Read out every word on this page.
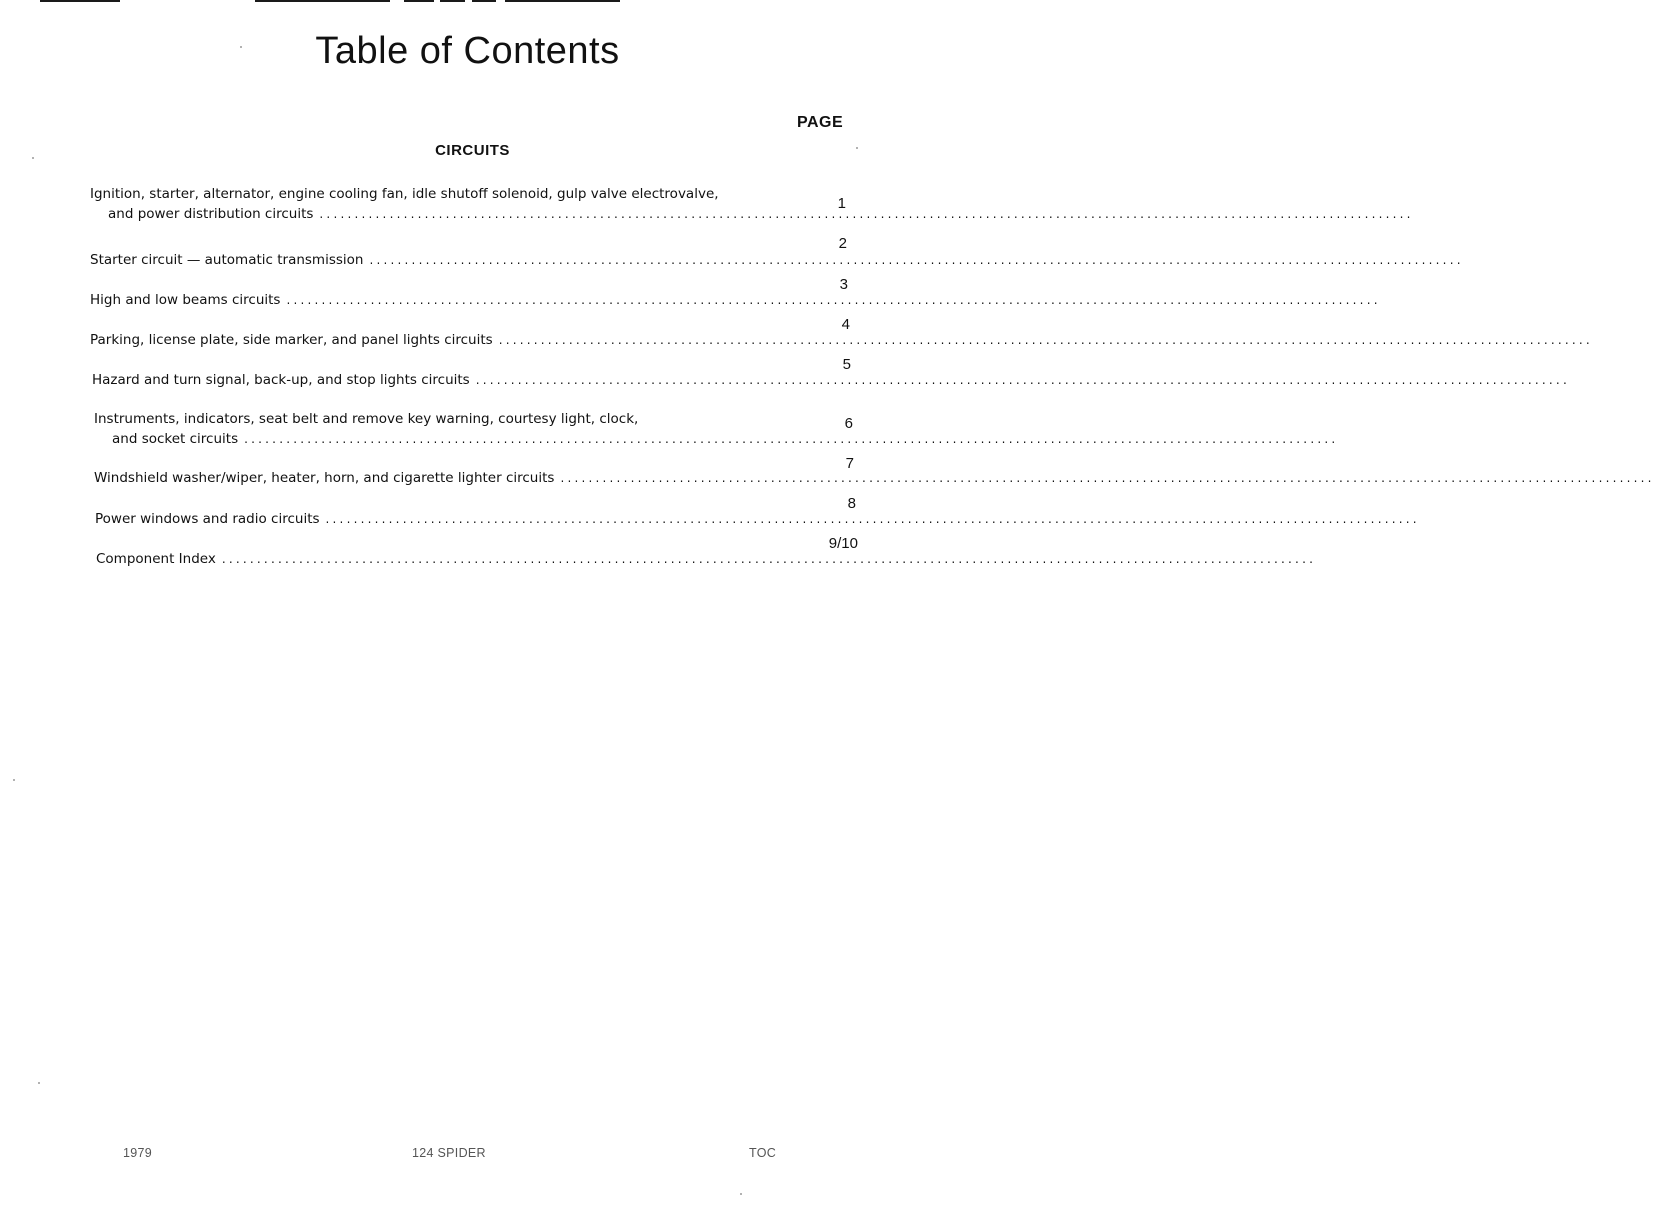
Table of Contents
PAGE
CIRCUITS
Ignition, starter, alternator, engine cooling fan, idle shutoff solenoid, gulp valve electrovalve,
and power distribution circuits ............................................................................................................................................................
1
Starter circuit — automatic transmission ............................................................................................................................................................
2
High and low beams circuits ............................................................................................................................................................
3
Parking, license plate, side marker, and panel lights circuits ............................................................................................................................................................
4
Hazard and turn signal, back-up, and stop lights circuits ............................................................................................................................................................
5
Instruments, indicators, seat belt and remove key warning, courtesy light, clock,
and socket circuits ............................................................................................................................................................
6
Windshield washer/wiper, heater, horn, and cigarette lighter circuits ............................................................................................................................................................
7
Power windows and radio circuits ............................................................................................................................................................
8
Component Index ............................................................................................................................................................
9/10
1979	124 SPIDER	TOC
